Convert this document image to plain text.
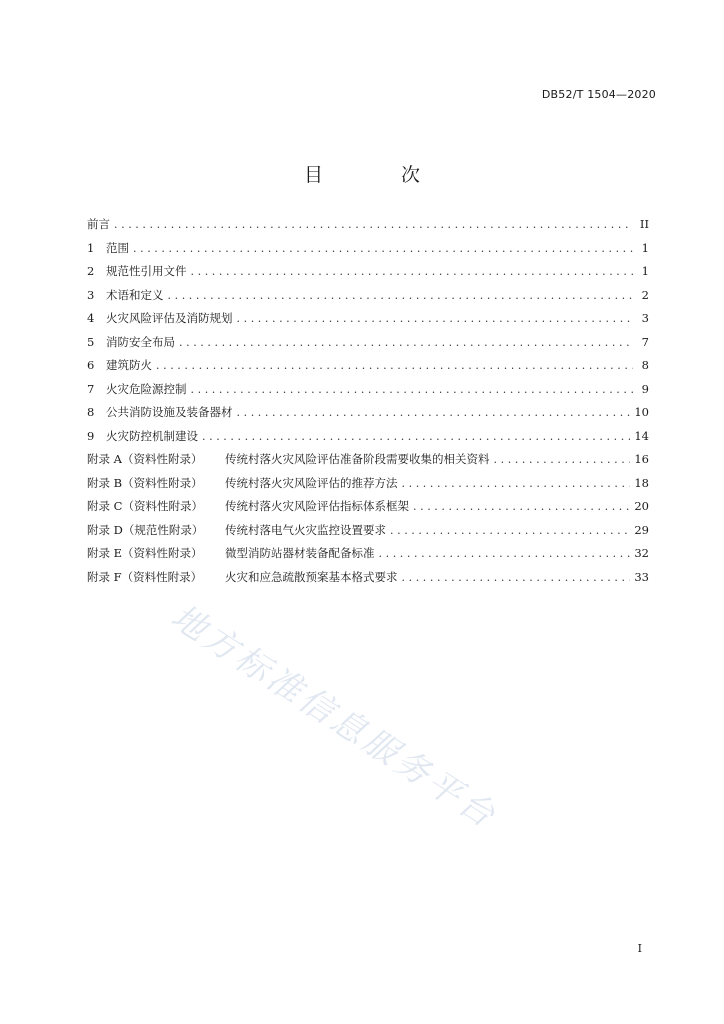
DB52/T 1504—2020
目 次
前言 .....	II
1 范围 .....	1
2 规范性引用文件 .....	1
3 术语和定义 .....	2
4 火灾风险评估及消防规划 .....	3
5 消防安全布局 .....	7
6 建筑防火 .....	8
7 火灾危险源控制 .....	9
8 公共消防设施及装备器材 .....	10
9 火灾防控机制建设 .....	14
附录 A（资料性附录） 传统村落火灾风险评估准备阶段需要收集的相关资料 .....	16
附录 B（资料性附录） 传统村落火灾风险评估的推荐方法 .....	18
附录 C（资料性附录） 传统村落火灾风险评估指标体系框架 .....	20
附录 D（规范性附录） 传统村落电气火灾监控设置要求 .....	29
附录 E（资料性附录） 微型消防站器材装备配备标准 .....	32
附录 F（资料性附录） 火灾和应急疏散预案基本格式要求 .....	33
地方标准信息服务平台
I
